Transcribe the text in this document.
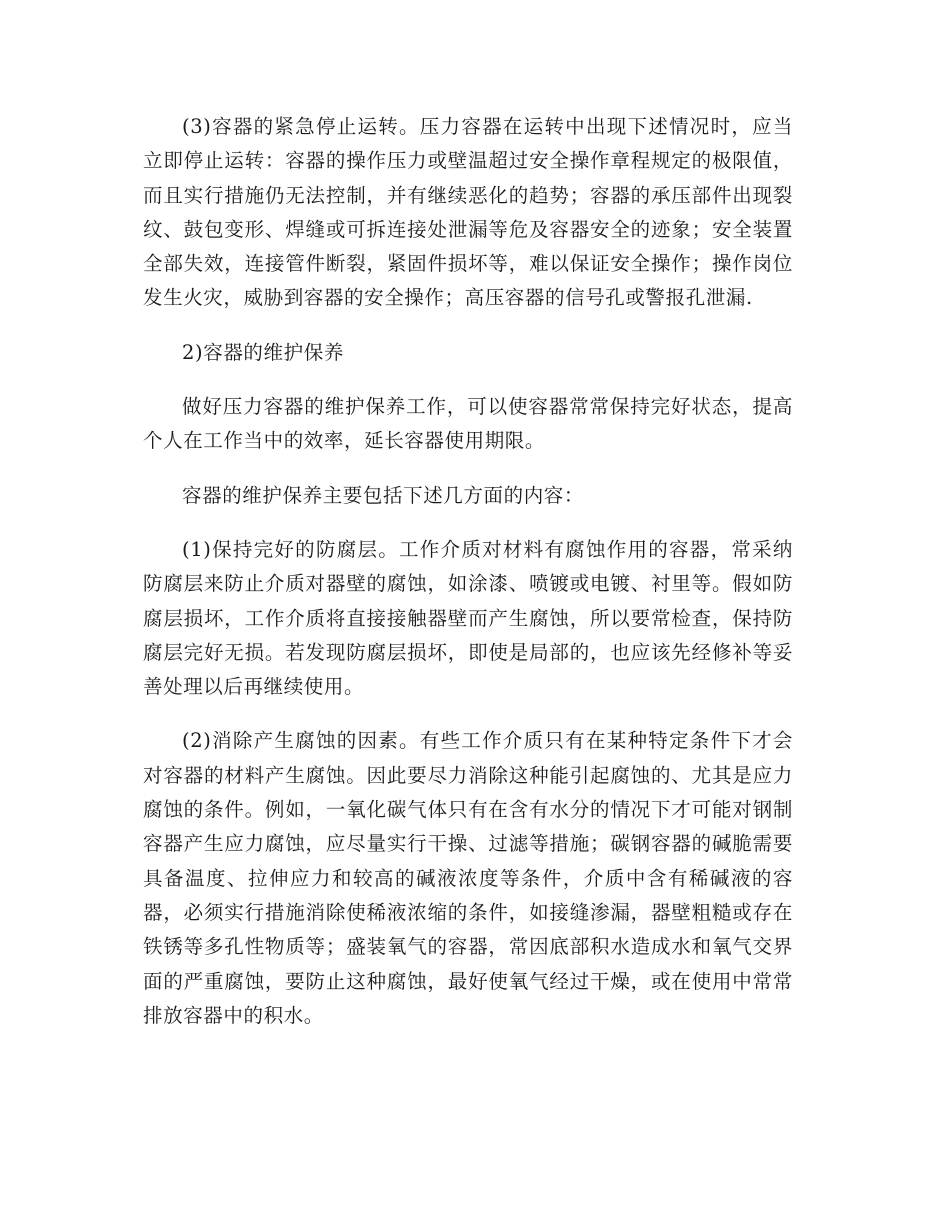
(3)容器的紧急停止运转。压力容器在运转中出现下述情况时，应当立即停止运转：容器的操作压力或壁温超过安全操作章程规定的极限值，而且实行措施仍无法控制，并有继续恶化的趋势；容器的承压部件出现裂纹、鼓包变形、焊缝或可拆连接处泄漏等危及容器安全的迹象；安全装置全部失效，连接管件断裂，紧固件损坏等，难以保证安全操作；操作岗位发生火灾，威胁到容器的安全操作；高压容器的信号孔或警报孔泄漏.

2)容器的维护保养

做好压力容器的维护保养工作，可以使容器常常保持完好状态，提高个人在工作当中的效率，延长容器使用期限。

容器的维护保养主要包括下述几方面的内容：

(1)保持完好的防腐层。工作介质对材料有腐蚀作用的容器，常采纳防腐层来防止介质对器壁的腐蚀，如涂漆、喷镀或电镀、衬里等。假如防腐层损坏，工作介质将直接接触器壁而产生腐蚀，所以要常检查，保持防腐层完好无损。若发现防腐层损坏，即使是局部的，也应该先经修补等妥善处理以后再继续使用。

(2)消除产生腐蚀的因素。有些工作介质只有在某种特定条件下才会对容器的材料产生腐蚀。因此要尽力消除这种能引起腐蚀的、尤其是应力腐蚀的条件。例如，一氧化碳气体只有在含有水分的情况下才可能对钢制容器产生应力腐蚀，应尽量实行干操、过滤等措施；碳钢容器的碱脆需要具备温度、拉伸应力和较高的碱液浓度等条件，介质中含有稀碱液的容器，必须实行措施消除使稀液浓缩的条件，如接缝渗漏，器壁粗糙或存在铁锈等多孔性物质等；盛装氧气的容器，常因底部积水造成水和氧气交界面的严重腐蚀，要防止这种腐蚀，最好使氧气经过干燥，或在使用中常常排放容器中的积水。
